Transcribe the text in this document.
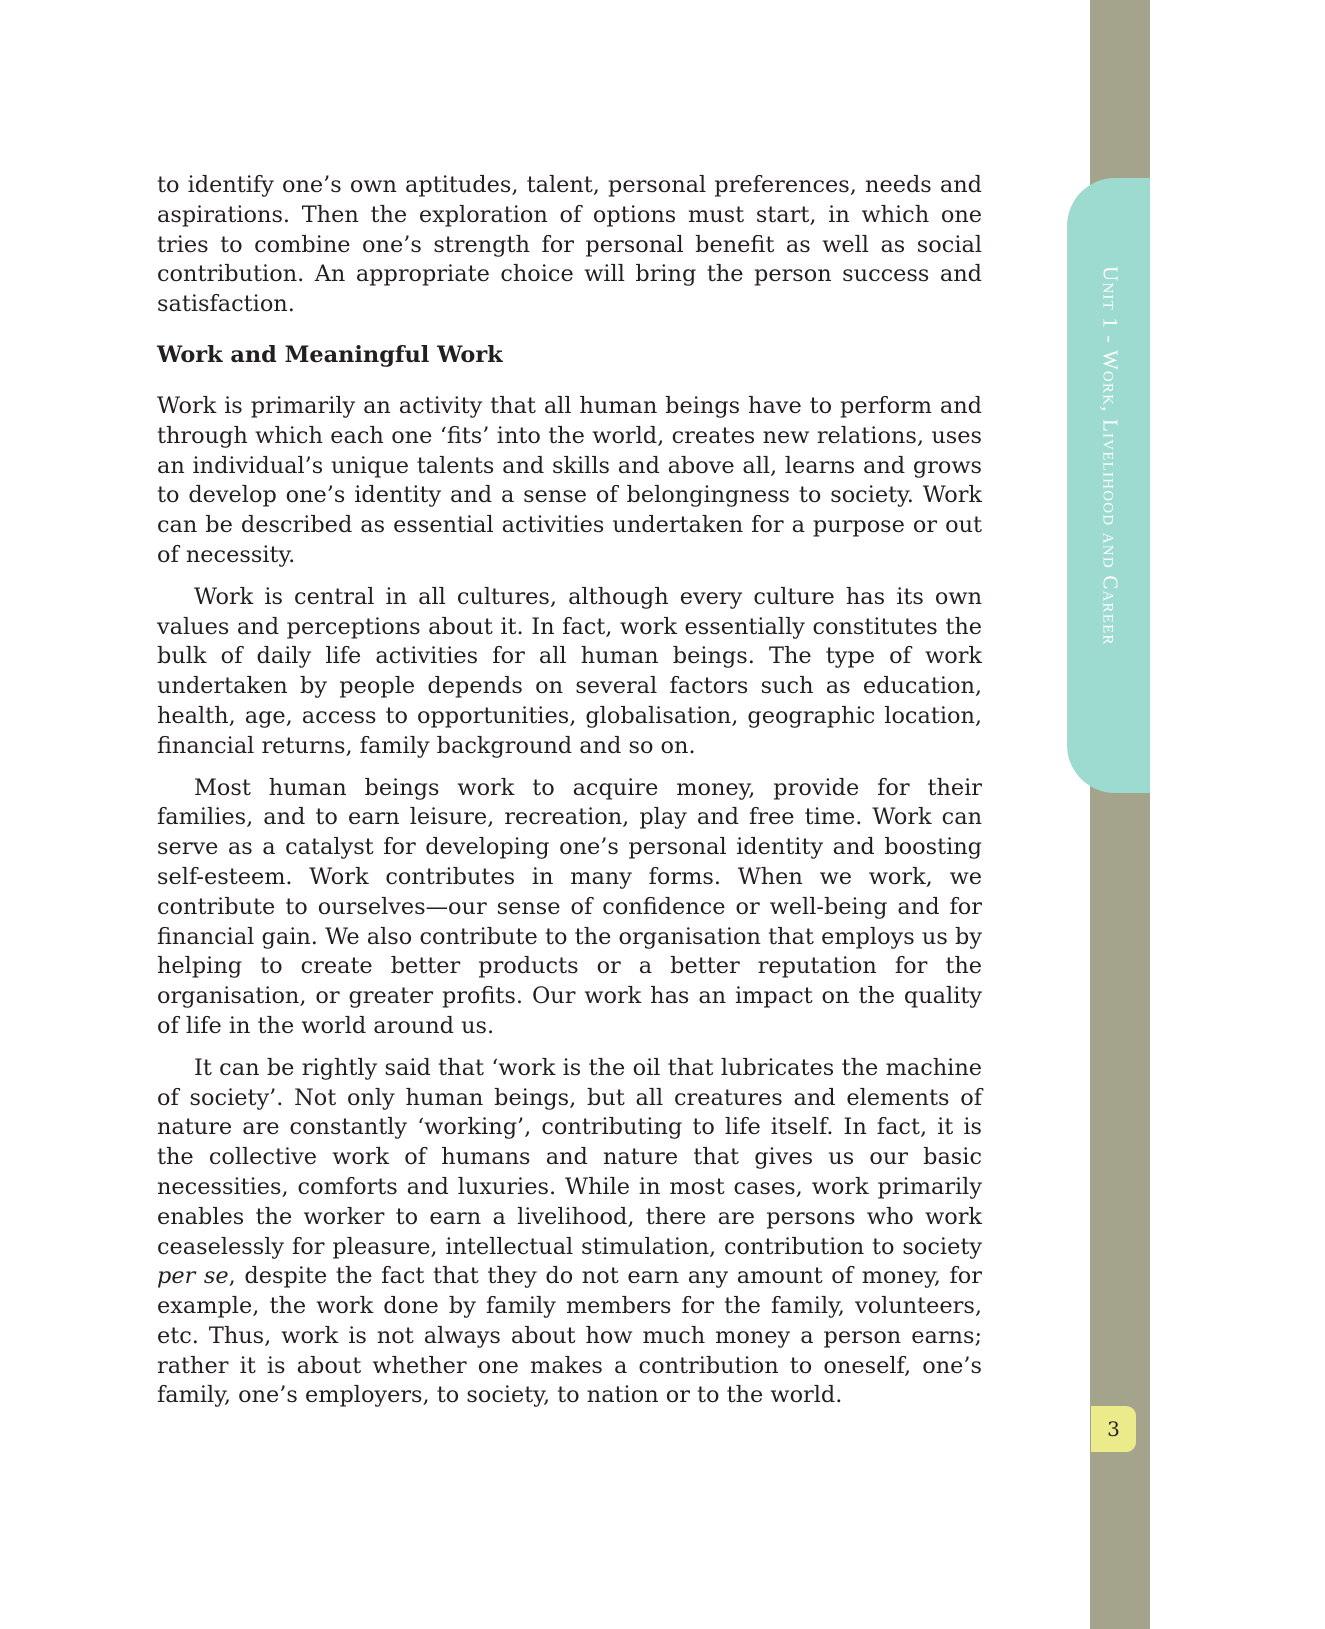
Unit 1 - Work, Livelihood and Career
3

to identify one’s own aptitudes, talent, personal preferences, needs and aspirations. Then the exploration of options must start, in which one tries to combine one’s strength for personal benefit as well as social contribution. An appropriate choice will bring the person success and satisfaction.

Work and Meaningful Work

Work is primarily an activity that all human beings have to perform and through which each one ‘fits’ into the world, creates new relations, uses an individual’s unique talents and skills and above all, learns and grows to develop one’s identity and a sense of belongingness to society. Work can be described as essential activities undertaken for a purpose or out of necessity.

Work is central in all cultures, although every culture has its own values and perceptions about it. In fact, work essentially constitutes the bulk of daily life activities for all human beings. The type of work undertaken by people depends on several factors such as education, health, age, access to opportunities, globalisation, geographic location, financial returns, family background and so on.

Most human beings work to acquire money, provide for their families, and to earn leisure, recreation, play and free time. Work can serve as a catalyst for developing one’s personal identity and boosting self-esteem. Work contributes in many forms. When we work, we contribute to ourselves—our sense of confidence or well-being and for financial gain. We also contribute to the organisation that employs us by helping to create better products or a better reputation for the organisation, or greater profits. Our work has an impact on the quality of life in the world around us.

It can be rightly said that ‘work is the oil that lubricates the machine of society’. Not only human beings, but all creatures and elements of nature are constantly ‘working’, contributing to life itself. In fact, it is the collective work of humans and nature that gives us our basic necessities, comforts and luxuries. While in most cases, work primarily enables the worker to earn a livelihood, there are persons who work ceaselessly for pleasure, intellectual stimulation, contribution to society per se, despite the fact that they do not earn any amount of money, for example, the work done by family members for the family, volunteers, etc. Thus, work is not always about how much money a person earns; rather it is about whether one makes a contribution to oneself, one’s family, one’s employers, to society, to nation or to the world.
